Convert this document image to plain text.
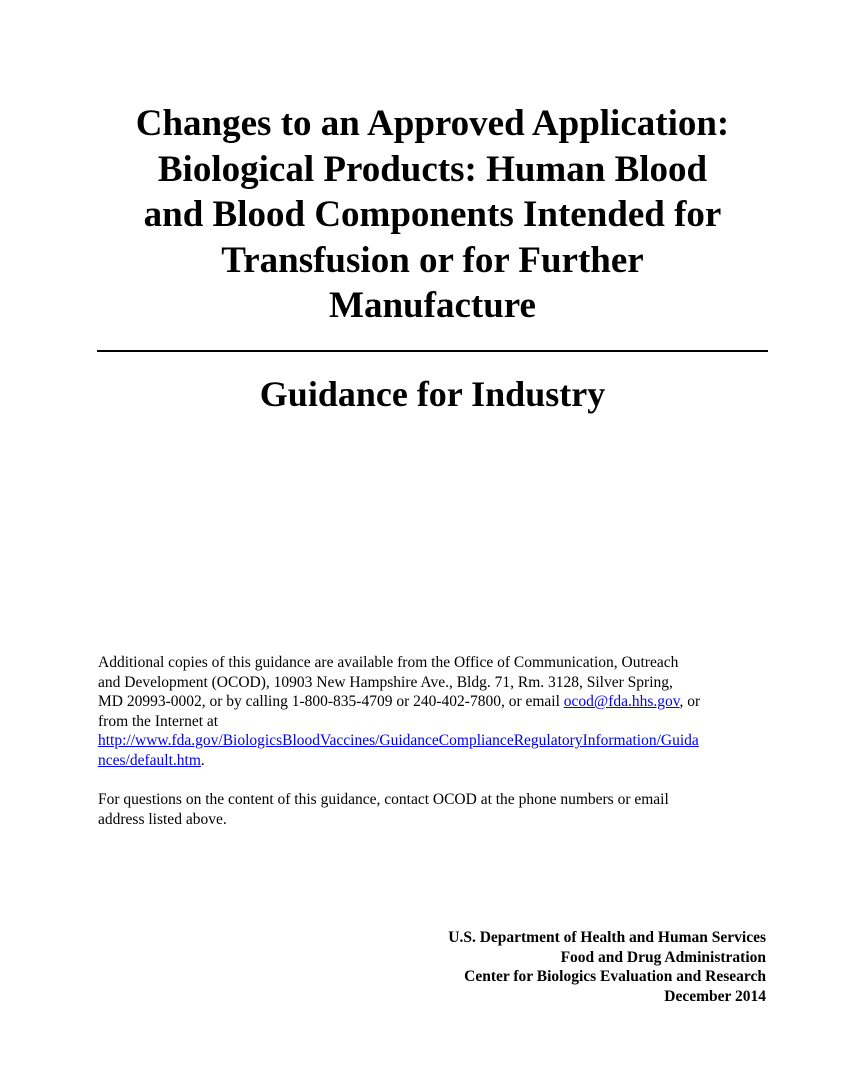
Changes to an Approved Application:
Biological Products: Human Blood
and Blood Components Intended for
Transfusion or for Further
Manufacture
Guidance for Industry

Additional copies of this guidance are available from the Office of Communication, Outreach
and Development (OCOD), 10903 New Hampshire Ave., Bldg. 71, Rm. 3128, Silver Spring,
MD 20993-0002, or by calling 1-800-835-4709 or 240-402-7800, or email ocod@fda.hhs.gov, or
from the Internet at
http://www.fda.gov/BiologicsBloodVaccines/GuidanceComplianceRegulatoryInformation/Guida
nces/default.htm.

For questions on the content of this guidance, contact OCOD at the phone numbers or email
address listed above.

U.S. Department of Health and Human Services
Food and Drug Administration
Center for Biologics Evaluation and Research
December 2014
